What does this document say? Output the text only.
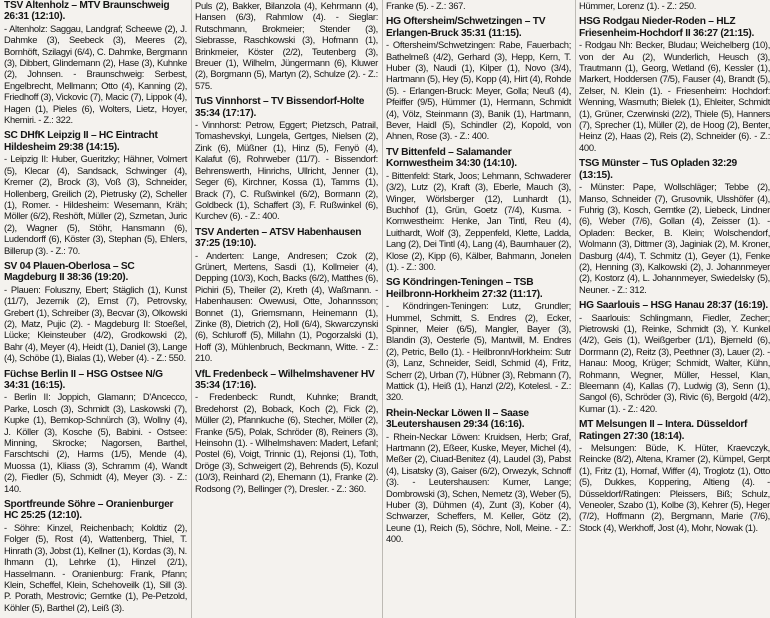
TSV Altenholz – MTV Braunschweig 26:31 (12:10).

- Altenholz: Saggau, Landgraf; Scheewe (2), J. Dahmke (3), Seebeck (3), Meeres (2), Bornhöft, Szilagyi (6/4), C. Dahmke, Bergmann (3), Dibbert, Glindemann (2), Hase (3), Kuhnke (2), Johnsen. - Braunschweig: Serbest, Engelbrecht, Mellmann; Otto (4), Kanning (2), Friedhoff (3), Vickovic (7), Macic (7), Lippok (4), Hagen (1), Pieles (6), Wolters, Lietz, Hoyer, Khemiri. - Z.: 322.

SC DHfK Leipzig II – HC Eintracht Hildesheim 29:38 (14:15).

- Leipzig II: Huber, Gueritzky; Hähner, Volmert (5), Klecar (4), Sandsack, Schwinger (4), Kremer (2), Brock (3), Voß (3), Schneider, Hollenberg, Greilich (2), Pietrusky (2), Scheller (1), Romer. - Hildesheim: Wesemann, Kräh; Möller (6/2), Reshöft, Müller (2), Szmetan, Juric (2), Wagner (5), Stöhr, Hansmann (6), Ludendorff (6), Köster (3), Stephan (5), Ehlers, Billerup (3). - Z.: 70.

SV 04 Plauen-Oberlosa – SC Magdeburg II 38:36 (19:20).

- Plauen: Foluszny, Ebert; Stäglich (1), Kunst (11/7), Jezernik (2), Ernst (7), Petrovsky, Grebert (1), Schreiber (3), Becvar (3), Olkowski (2), Matz, Pujic (2). - Magdeburg II: Stoeßel, Lücke; Kleinsteuber (4/2), Grodkowski (2), Bahr (4), Meyer (4), Heidt (1), Daniel (3), Lange (4), Schöbe (1), Bialas (1), Weber (4). - Z.: 550.

Füchse Berlin II – HSG Ostsee N/G 34:31 (16:15).

- Berlin II: Joppich, Glamann; D'Ancecco, Parke, Losch (3), Schmidt (3), Laskowski (7), Kupke (1), Bernkop-Schnürch (3), Wollny (4), J. Köller (3), Kosche (5), Babini. - Ostsee: Minning, Skrocke; Nagorsen, Barthel, Farschtschi (2), Harms (1/5), Mende (4), Muossa (1), Kliass (3), Schramm (4), Wandt (2), Fiedler (5), Schmidt (4), Meyer (3). - Z.: 140.

Sportfreunde Söhre – Oranienburger HC 25:25 (12:10).

- Söhre: Kinzel, Reichenbach; Koldtiz (2), Folger (5), Rost (4), Wattenberg, Thiel, T. Hinrath (3), Jobst (1), Kellner (1), Kordas (3), N. Ihmann (1), Lehrke (1), Hinzel (2/1), Hasselmann. - Oranienburg: Frank, Pfann; Klein, Scheffel, Klein, Schehoveilk (1), Sill (3). P. Porath, Mestrovic; Gerntke (1), Pe-Petzold, Köhler (5), Barthel (2), Leiß (3).

Puls (2), Bakker, Bilanzola (4), Kehrmann (4), Hansen (6/3), Rahmlow (4). - Sieglar: Rutschmann, Brokmeier; Stender (3), Siebrasse, Raschkowski (3), Hofmann (1), Brinkmeier, Köster (2/2), Teutenberg (3), Breuer (1), Wilhelm, Jüngermann (6), Kluwer (2), Borgmann (5), Martyn (2), Schulze (2). - Z.: 575.

TuS Vinnhorst – TV Bissendorf-Holte 35:34 (17:17).

- Vinnhorst: Petrow, Eggert; Pietzsch, Patrail, Tomashevskyi, Lungela, Gertges, Nielsen (2), Zink (6), Müßner (1), Hinz (5), Fenyö (4), Kalafut (6), Rohrweber (11/7). - Bissendorf: Behrenswerth, Hinrichs, Ullricht, Jenner (1), Seger (6), Kirchner, Kossa (1), Tamms (1), Brack (7), C. Rußwinkel (6/2), Bormann (2), Goldbeck (1), Schaffert (3), F. Rußwinkel (6), Kurchev (6). - Z.: 400.

TSV Anderten – ATSV Habenhausen 37:25 (19:10).

- Anderten: Lange, Andresen; Czok (2), Grünert, Mertens, Sasdi (1), Kollmeier (4), Depping (10/3), Koch, Backs (6/2), Matthes (6), Pichiri (5), Theiler (2), Kreth (4), Waßmann. - Habenhausen: Owewusi, Otte, Johannsson; Bonnet (1), Griemsmann, Heinemann (1), Zinke (8), Dietrich (2), Holl (6/4), Skwarczynski (6), Schluroff (5), Millahn (1), Pogorzalski (1), Hoff (3), Mühlenbruch, Beckmann, Witte. - Z.: 210.

VfL Fredenbeck – Wilhelmshavener HV 35:34 (17:16).

- Fredenbeck: Rundt, Kuhnke; Brandt, Bredehorst (2), Boback, Koch (2), Fick (2), Müller (2), Pfannkuche (6), Stecher, Möller (2), Franke (5/5), Polak, Schröder (8), Reiners (3), Heinsohn (1). - Wilhelmshaven: Madert, Lefanl; Postel (6), Voigt, Trinnic (1), Rejonsi (1), Toth, Dröge (3), Schweigert (2), Behrends (5), Kozul (10/3), Reinhard (2), Ehemann (1), Franke (2). Rodsong (?), Bellinger (?), Dresler. - Z.: 360.

Franke (5). - Z.: 367.

HG Oftersheim/Schwetzingen – TV Erlangen-Bruck 35:31 (11:15).

- Oftersheim/Schwetzingen: Rabe, Fauerbach; Bathelmeß (4/2), Gerhard (3), Hepp, Kern, T. Huber (3), Naudi (1), Kilper (1), Novo (3/4), Hartmann (5), Hey (5), Kopp (4), Hirt (4), Rohde (5). - Erlangen-Bruck: Meyer, Golla; Neuß (4), Pfeiffer (9/5), Hümmer (1), Hermann, Schmidt (4), Völz, Steinmann (3), Banik (1), Hartmann, Bever, Haidl (5), Schindler (2), Kopold, von Ahnen, Rose (3). - Z.: 400.

TV Bittenfeld – Salamander Kornwestheim 34:30 (14:10).

- Bittenfeld: Stark, Joos; Lehmann, Schwaderer (3/2), Lutz (2), Kraft (3), Eberle, Mauch (3), Winger, Wörlsberger (12), Lunhardt (1), Buchhof (1), Grün, Goetz (7/4), Kusma. - Kornwestheim: Henke, Jan Tintl, Reu (4), Luithardt, Wolf (3), Zeppenfeld, Klette, Ladda, Lang (2), Dei Tintl (4), Lang (4), Baumhauer (2), Klose (2), Kipp (6), Kälber, Bahmann, Jonelen (1). - Z.: 300.

SG Köndringen-Teningen – TSB Heilbronn-Horkheim 27:32 (11:17).

- Köndringen-Teningen: Lutz, Grundler; Hummel, Schmitt, S. Endres (2), Ecker, Spinner, Meier (6/5), Mangler, Bayer (3), Blandin (3), Oesterle (5), Mantwill, M. Endres (2), Petric, Bello (1). - Heilbronn/Horkheim: Sutr (3), Lanz, Schneider, Seidl, Schmid (4), Fritz, Scherr (2), Urban (7), Hübner (3), Rebmann (7), Mattick (1), Heiß (1), Hanzl (2/2), Kotelesl. - Z.: 320.

Rhein-Neckar Löwen II – Saase 3Leutershausen 29:34 (16:16).

- Rhein-Neckar Löwen: Kruidsen, Herb; Graf, Hartmann (2), Eßeer, Kuske, Meyer, Michel (4), Meßer (2), Ciuad-Benitez (4), Laudel (3), Pabst (4), Lisatsky (3), Gaiser (6/2), Orwezyk, Schnoff (3). - Leutershausen: Kumer, Lange; Dombrowski (3), Schen, Nemetz (3), Weber (5), Huber (3), Dühmen (4), Zunt (3), Kober (4), Schwarzer, Scheffers, M. Keller, Götz (2), Leune (1), Reich (5), Söchre, Noll, Meine. - Z.: 400.

Hümmer, Lorenz (1). - Z.: 250.

HSG Rodgau Nieder-Roden – HLZ Friesenheim-Hochdorf II 36:27 (21:15).

- Rodgau Nh: Becker, Bludau; Weichelberg (10), von der Au (2), Wunderlich, Heusch (3), Trautmann (1), Georg, Wetland (6), Kessler (1), Markert, Hoddersen (7/5), Fauser (4), Brandt (5), Zelser, N. Klein (1). - Friesenheim: Hochdorf: Wenning, Wasmuth; Bielek (1), Ehleiter, Schmidt (1), Grüner, Czerwinski (2/2), Thiele (5), Hanners (7), Sprecher (1), Müller (2), de Hoog (2), Benter, Heinz (2), Haas (2), Reis (2), Schneider (6). - Z.: 400.

TSG Münster – TuS Opladen 32:29 (13:15).

- Münster: Pape, Wollschläger; Tebbe (2), Manso, Schneider (7), Grusovnik, Ulsshöfer (4), Fuhrig (3), Kosch, Gerntke (2), Liebeck, Lindner (6), Weber (7/6), Gollan (4), Zeisser (1). - Opladen: Becker, B. Klein; Wolschendorf, Wolmann (3), Dittmer (3), Jaginiak (2), M. Kroner, Dasburg (4/4), T. Schmitz (1), Geyer (1), Fenke (2), Henning (3), Kalkowski (2), J. Johannmeyer (2), Kostorz (4), L. Johannmeyer, Swiedelsky (5), Neuner. - Z.: 312.

HG Saarlouis – HSG Hanau 28:37 (16:19).

- Saarlouis: Schlingmann, Fiedler, Zecher; Pietrowski (1), Reinke, Schmidt (3), Y. Kunkel (4/2), Geis (1), Weißgerber (1/1), Bjerneld (6), Dorrmann (2), Reitz (3), Peethner (3), Lauer (2). - Hanau: Moog, Krüger; Schmidt, Walter, Kühn, Rohmann, Wegner, Müller, Hessel, Klan, Bleemann (4), Kallas (7), Ludwig (3), Senn (1), Sangol (6), Schröder (3), Rivic (6), Bergold (4/2), Kumar (1). - Z.: 420.

MT Melsungen II – Intera. Düsseldorf Ratingen 27:30 (18:14).

- Melsungen: Büde, K. Hüter, Kraevczyk, Reincke (8/2), Altena, Kramer (2), Kümpel, Gerpt (1), Fritz (1), Hornaf, Wiffer (4), Troglotz (1), Otto (5), Dukkes, Koppering, Altieng (4). - Düsseldorf/Ratingen: Pleissers, Biß; Schulz, Veneoler, Szabo (1), Kolbe (3), Kehrer (5), Heger (7/2), Hoffmann (2), Bergmann, Marie (7/6), Stock (4), Werkhoff, Jost (4), Mohr, Nowak (1).
